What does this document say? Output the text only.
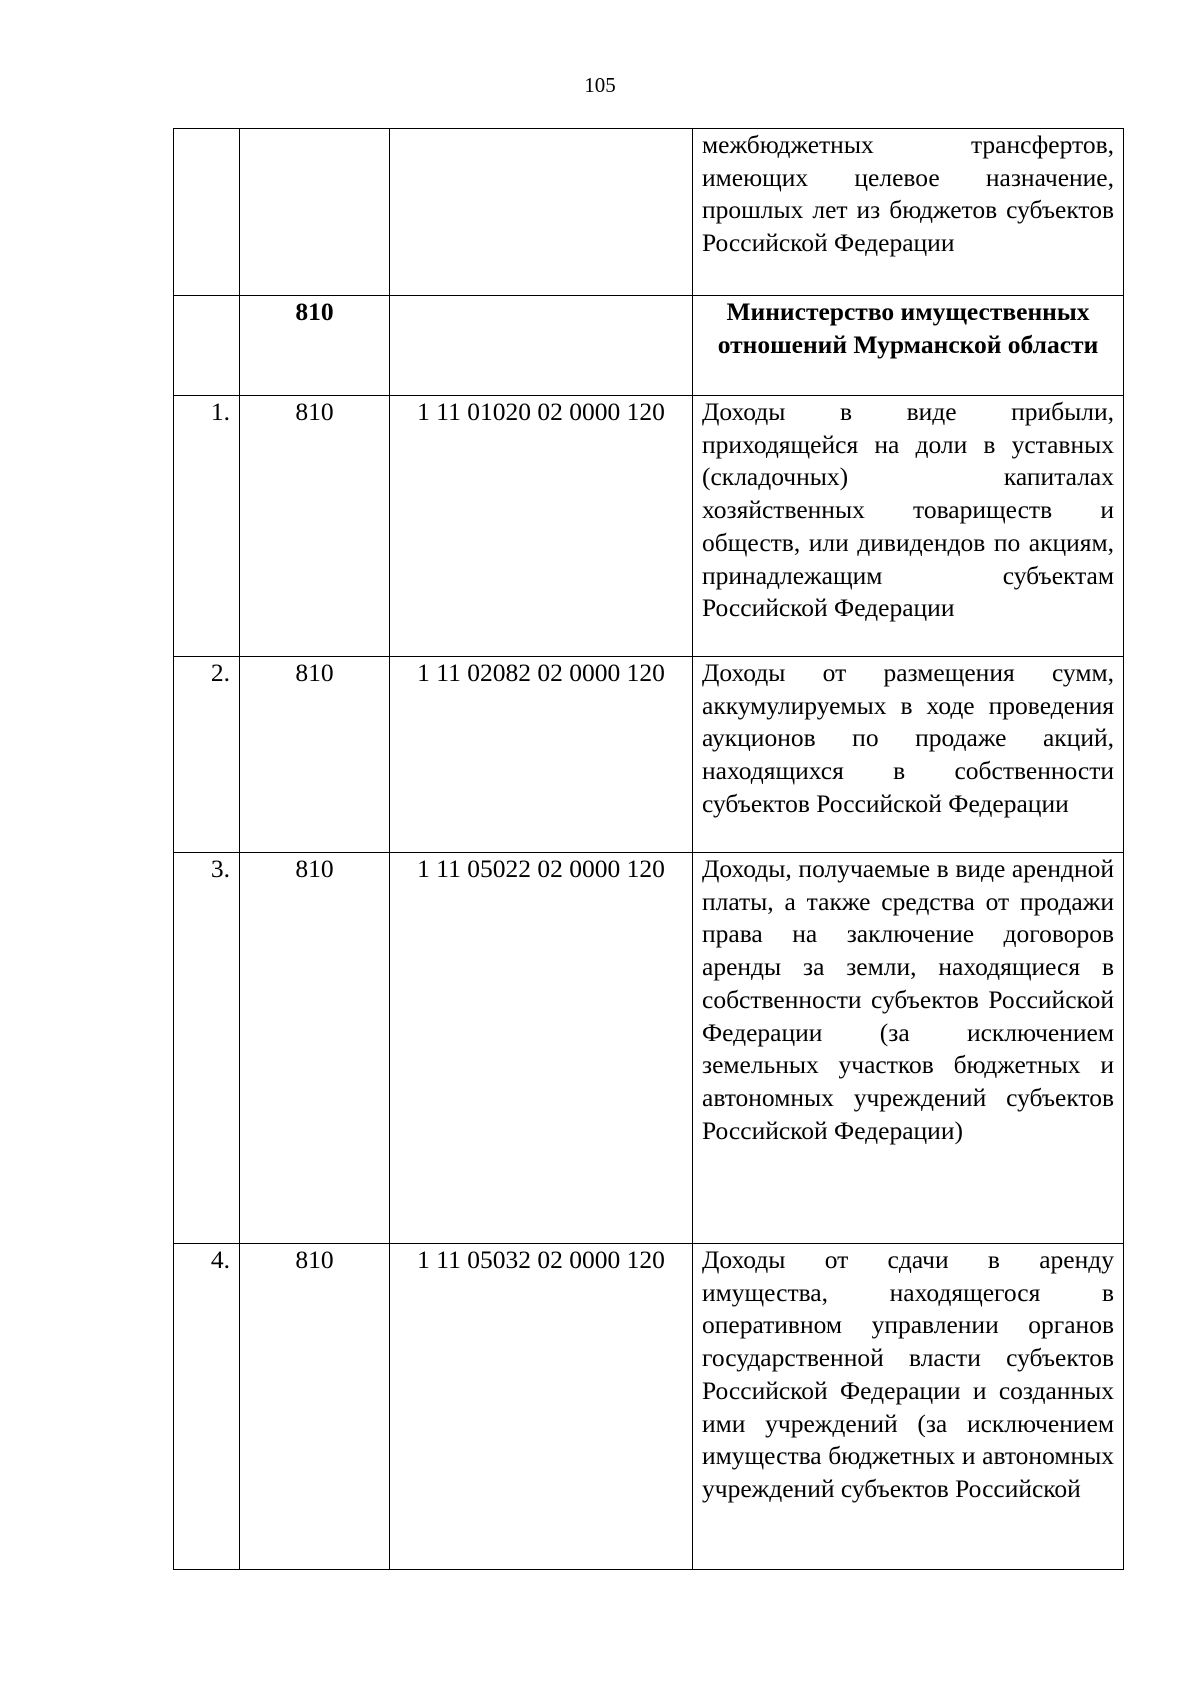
105
			межбюджетных трансфертов, имеющих целевое назначение, прошлых лет из бюджетов субъектов Российской Федерации
	810		Министерство имущественных отношений Мурманской области
1.	810	1 11 01020 02 0000 120	Доходы в виде прибыли, приходящейся на доли в уставных (складочных) капиталах хозяйственных товариществ и обществ, или дивидендов по акциям, принадлежащим субъектам Российской Федерации
2.	810	1 11 02082 02 0000 120	Доходы от размещения сумм, аккумулируемых в ходе проведения аукционов по продаже акций, находящихся в собственности субъектов Российской Федерации
3.	810	1 11 05022 02 0000 120	Доходы, получаемые в виде арендной платы, а также средства от продажи права на заключение договоров аренды за земли, находящиеся в собственности субъектов Российской Федерации (за исключением земельных участков бюджетных и автономных учреждений субъектов Российской Федерации)
4.	810	1 11 05032 02 0000 120	Доходы от сдачи в аренду имущества, находящегося в оперативном управлении органов государственной власти субъектов Российской Федерации и созданных ими учреждений (за исключением имущества бюджетных и автономных учреждений субъектов Российской
